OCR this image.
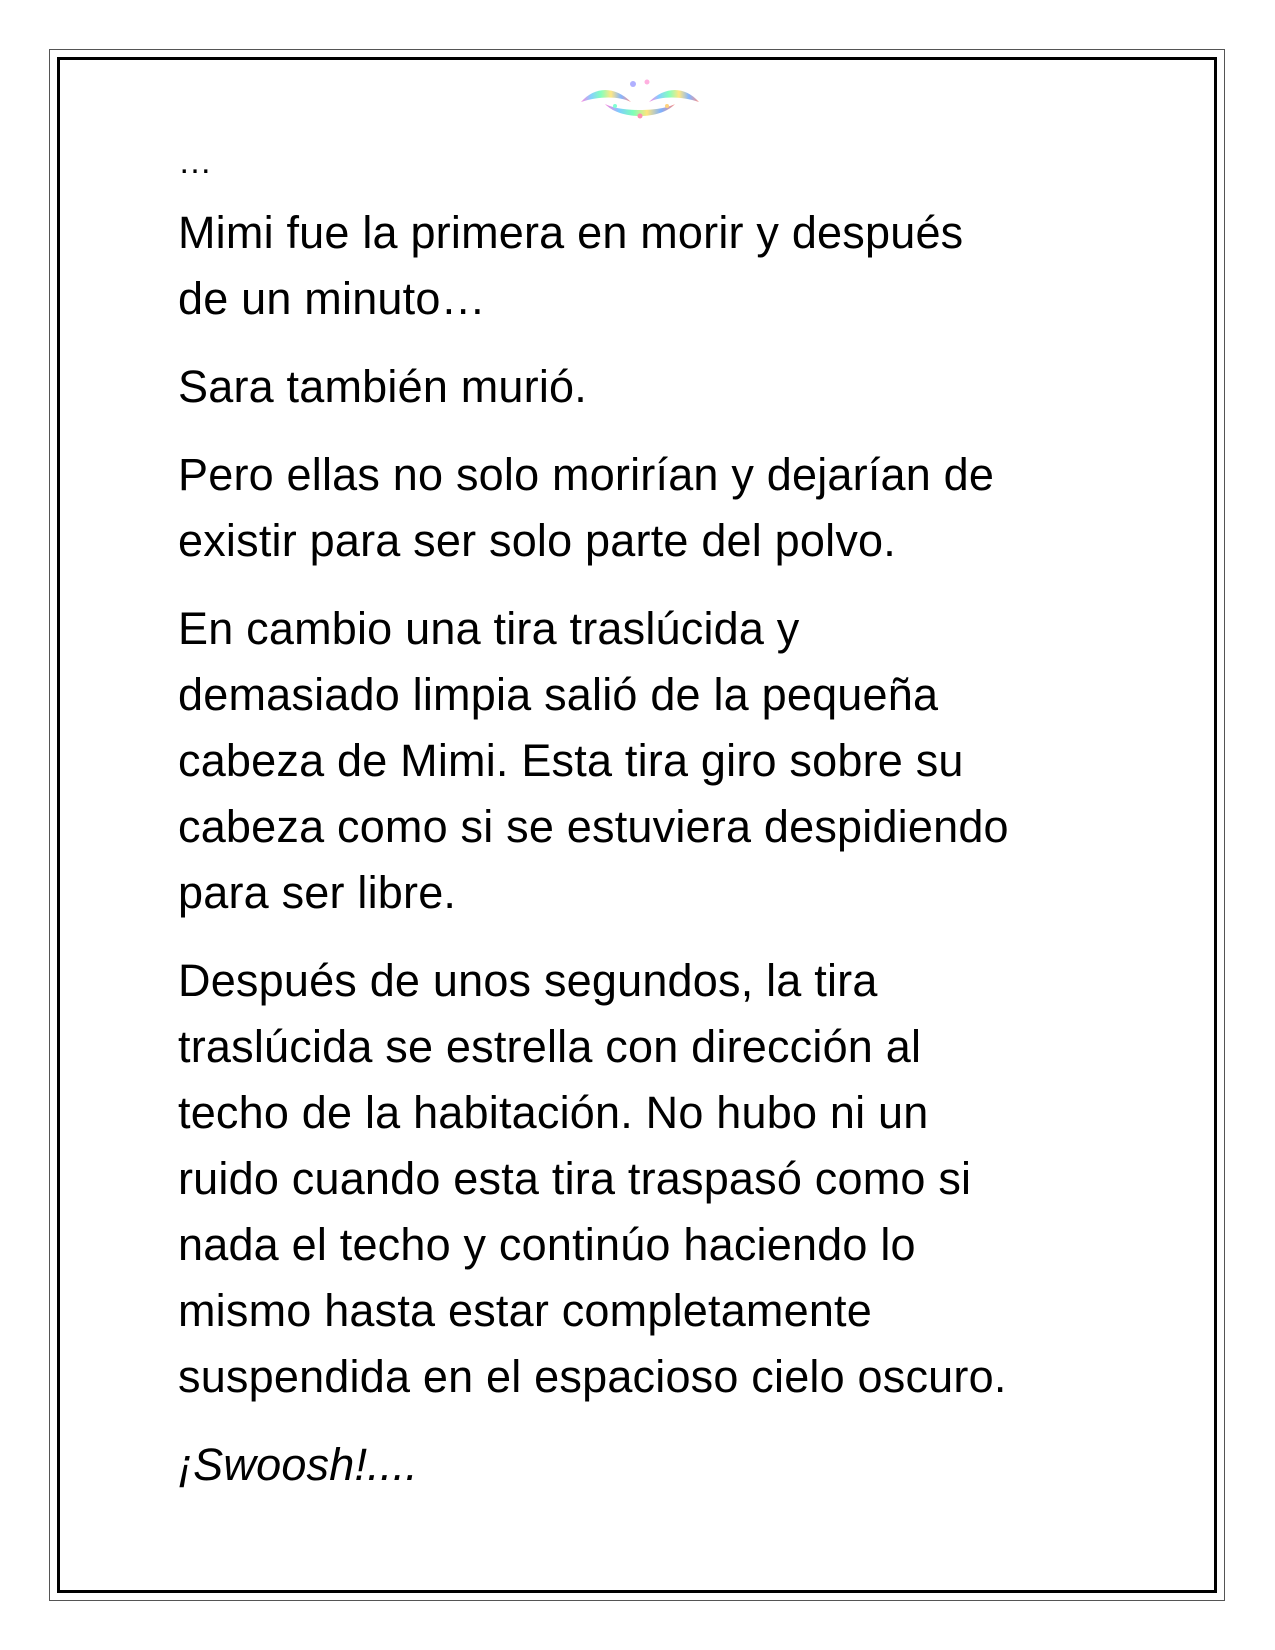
…

Mimi fue la primera en morir y después
de un minuto…

Sara también murió.

Pero ellas no solo morirían y dejarían de
existir para ser solo parte del polvo.

En cambio una tira traslúcida y
demasiado limpia salió de la pequeña
cabeza de Mimi. Esta tira giro sobre su
cabeza como si se estuviera despidiendo
para ser libre.

Después de unos segundos, la tira
traslúcida se estrella con dirección al
techo de la habitación. No hubo ni un
ruido cuando esta tira traspasó como si
nada el techo y continúo haciendo lo
mismo hasta estar completamente
suspendida en el espacioso cielo oscuro.

¡Swoosh!....
